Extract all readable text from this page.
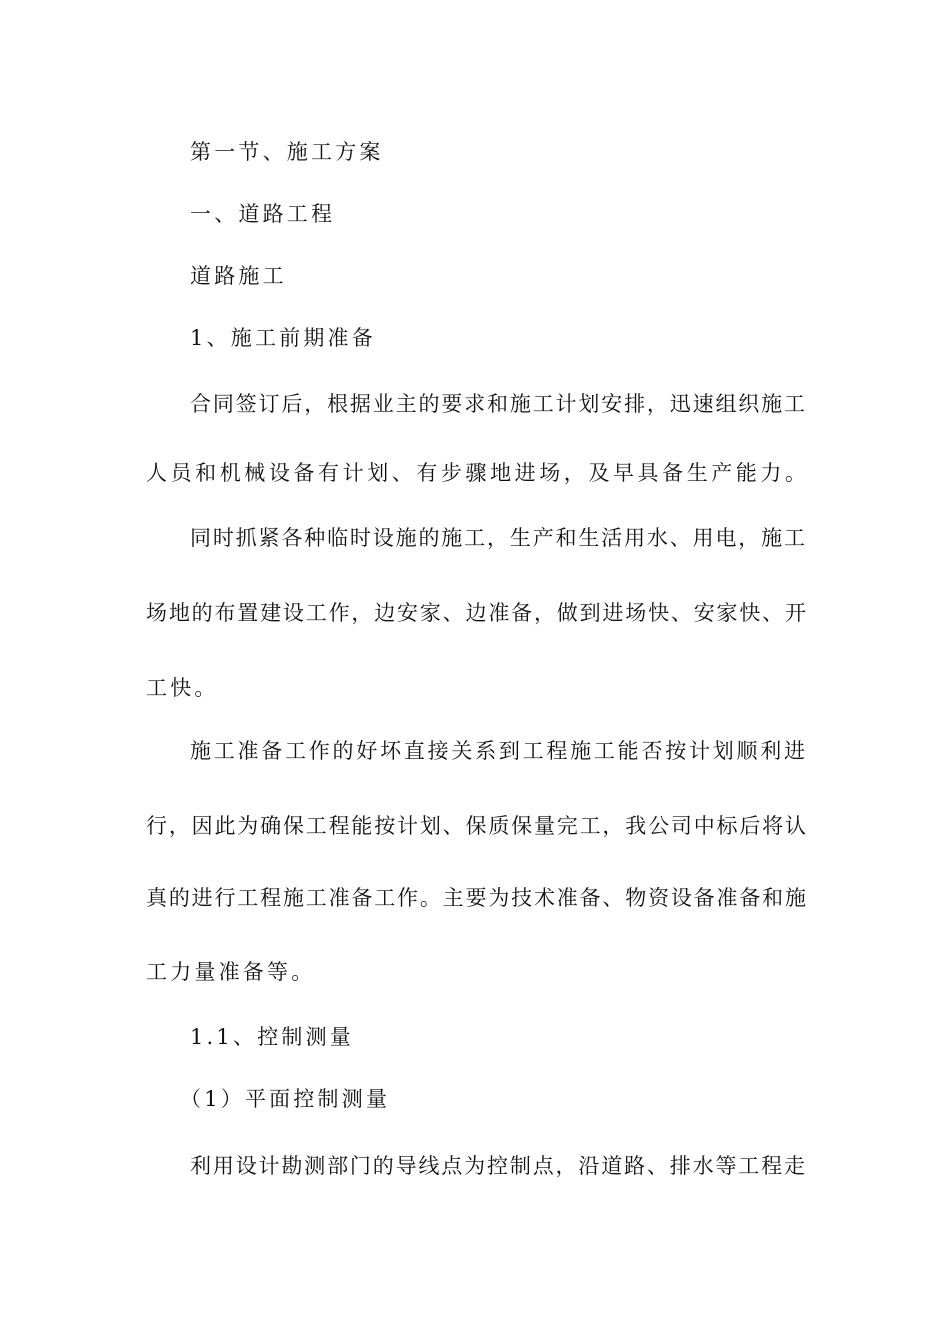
第一节、施工方案
一、道路工程
道路施工
1、施工前期准备
合同签订后，根据业主的要求和施工计划安排，迅速组织施工
人员和机械设备有计划、有步骤地进场，及早具备生产能力。
同时抓紧各种临时设施的施工，生产和生活用水、用电，施工
场地的布置建设工作，边安家、边准备，做到进场快、安家快、开
工快。
施工准备工作的好坏直接关系到工程施工能否按计划顺利进
行，因此为确保工程能按计划、保质保量完工，我公司中标后将认
真的进行工程施工准备工作。主要为技术准备、物资设备准备和施
工力量准备等。
1.1、控制测量
（1）平面控制测量
利用设计勘测部门的导线点为控制点，沿道路、排水等工程走
